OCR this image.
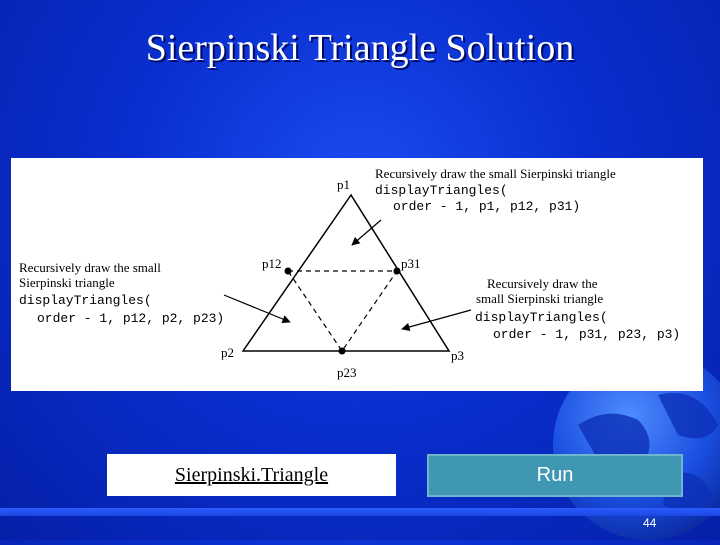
Sierpinski Triangle Solution
p1
p12	p31
p2	p3
p23
Recursively draw the small Sierpinski triangle
displayTriangles(
order - 1, p1, p12, p31)
Recursively draw the small
Sierpinski triangle
displayTriangles(
order - 1, p12, p2, p23)
Recursively draw the
small Sierpinski triangle
displayTriangles(
order - 1, p31, p23, p3)
Sierpinski.Triangle	Run
44
